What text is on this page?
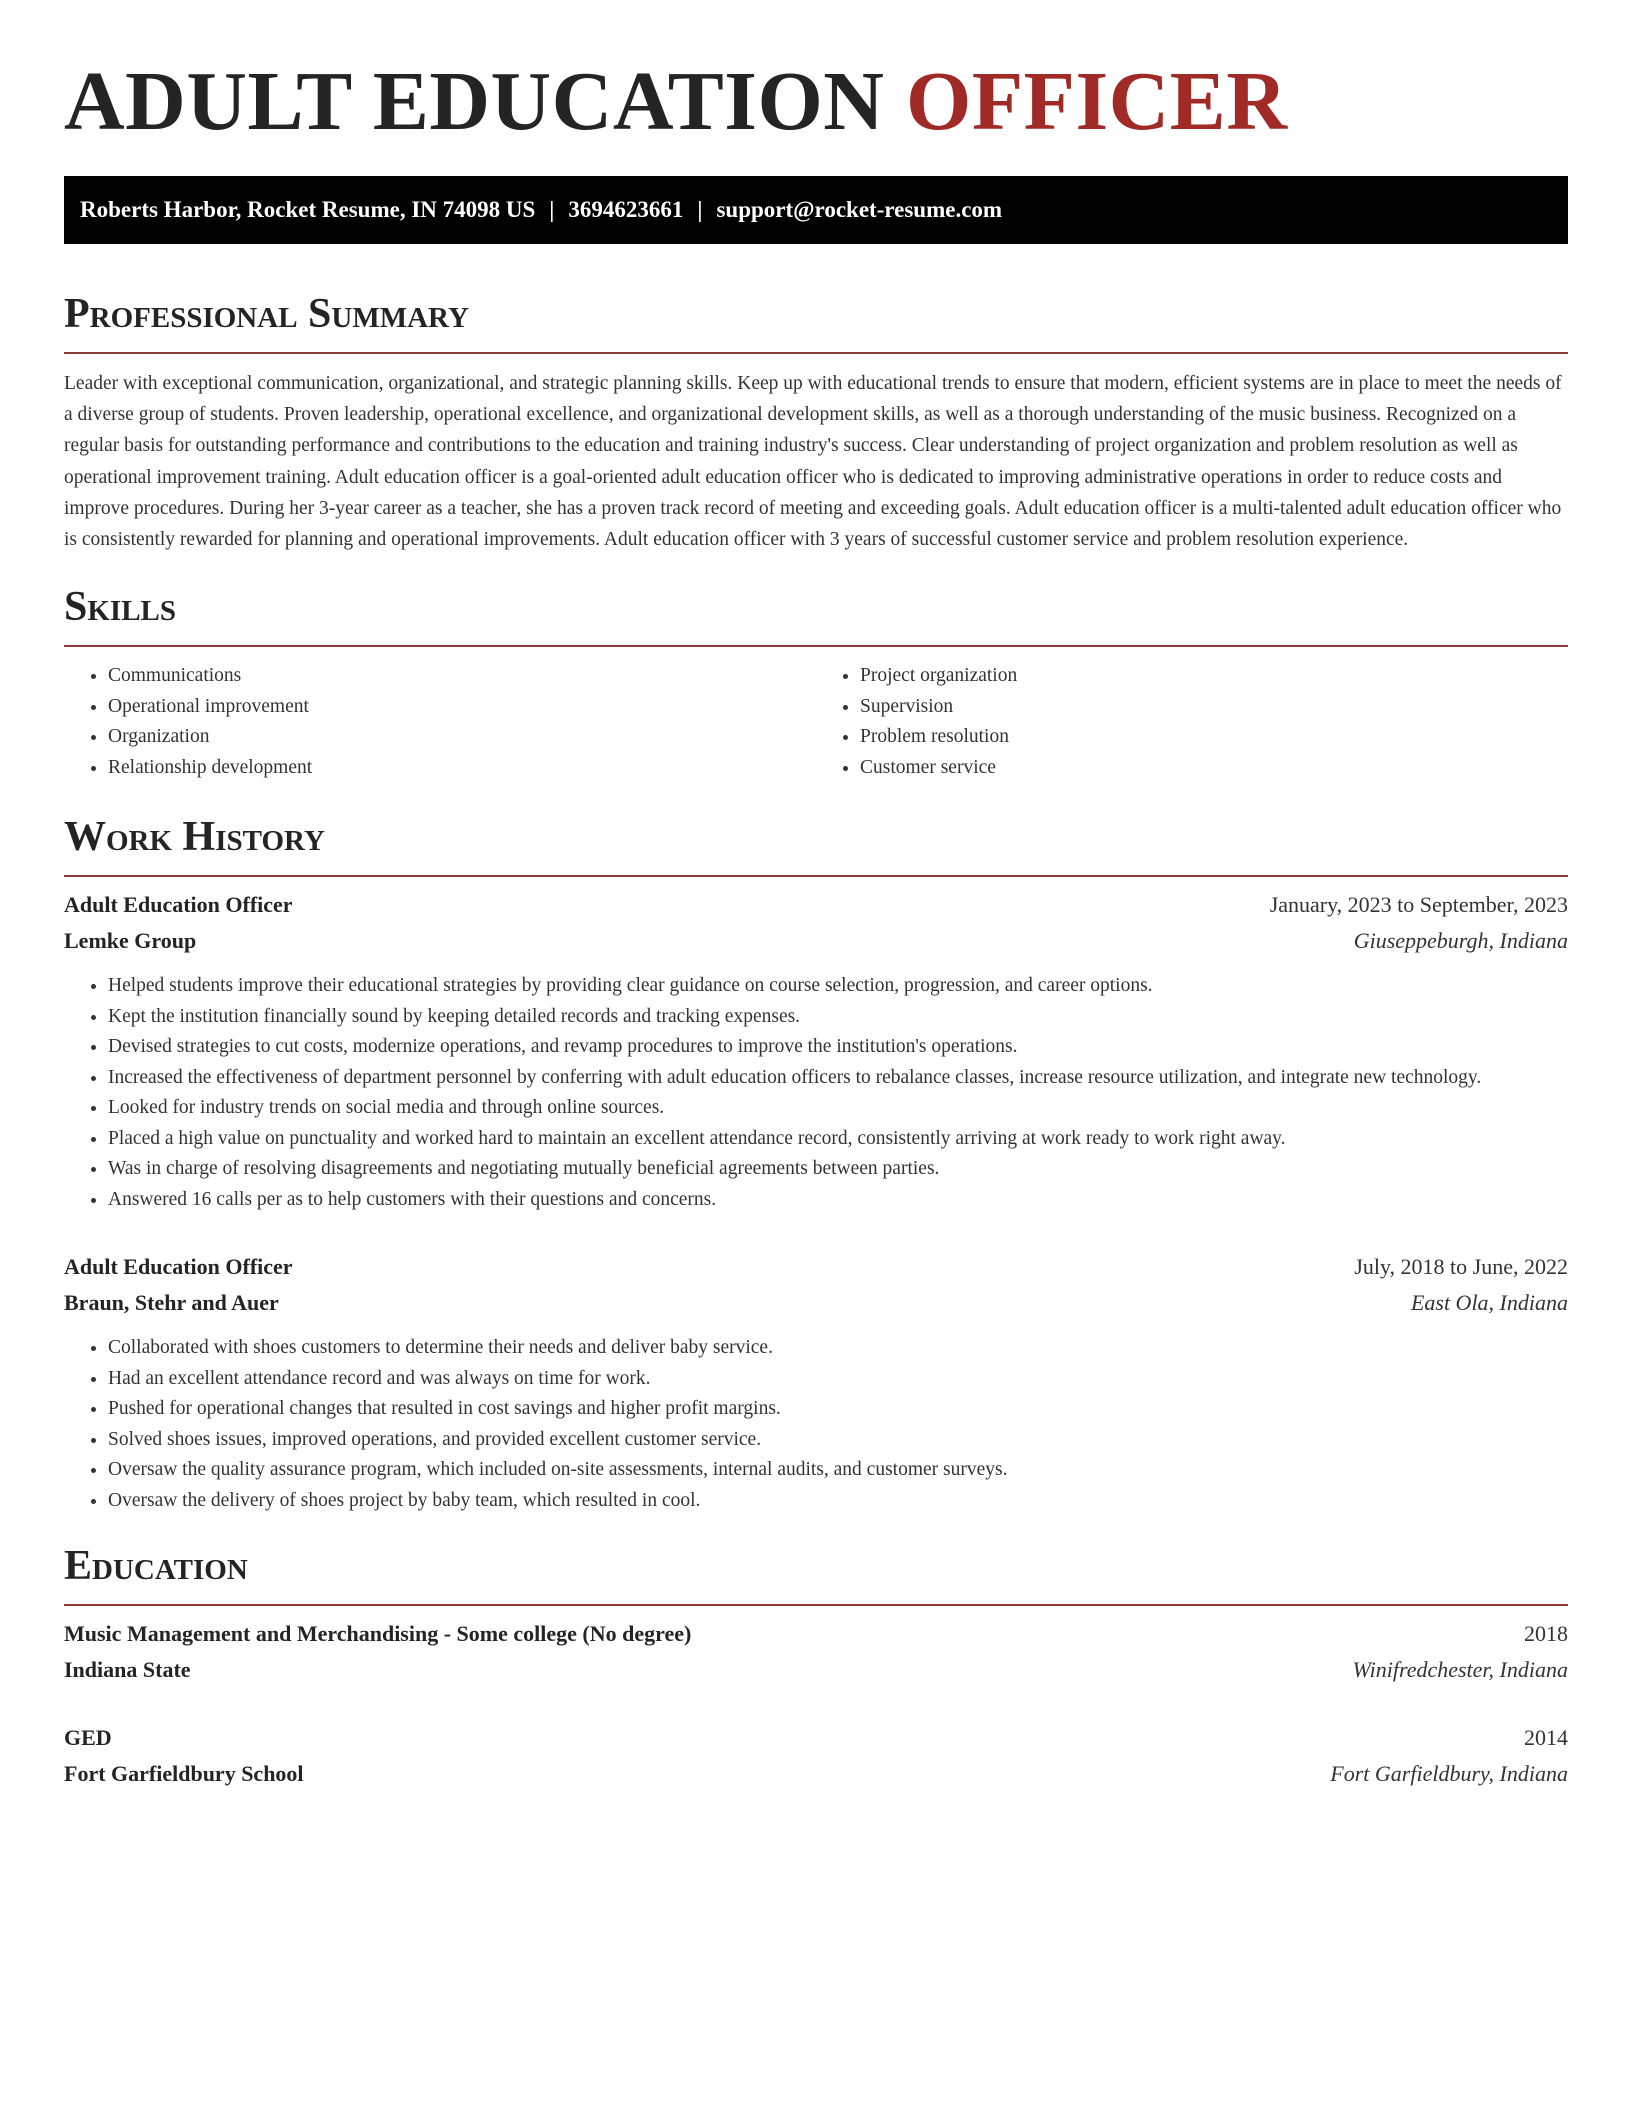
ADULT EDUCATION OFFICER
Roberts Harbor, Rocket Resume, IN 74098 US | 3694623661 | support@rocket-resume.com
Professional Summary

Leader with exceptional communication, organizational, and strategic planning skills. Keep up with educational trends to ensure that modern, efficient systems are in place to meet the needs of a diverse group of students. Proven leadership, operational excellence, and organizational development skills, as well as a thorough understanding of the music business. Recognized on a regular basis for outstanding performance and contributions to the education and training industry's success. Clear understanding of project organization and problem resolution as well as operational improvement training. Adult education officer is a goal-oriented adult education officer who is dedicated to improving administrative operations in order to reduce costs and improve procedures. During her 3-year career as a teacher, she has a proven track record of meeting and exceeding goals. Adult education officer is a multi-talented adult education officer who is consistently rewarded for planning and operational improvements. Adult education officer with 3 years of successful customer service and problem resolution experience.

Skills
• Communications
• Operational improvement
• Organization
• Relationship development
• Project organization
• Supervision
• Problem resolution
• Customer service
Work History
Adult Education Officer	January, 2023 to September, 2023
Lemke Group	Giuseppeburgh, Indiana
• Helped students improve their educational strategies by providing clear guidance on course selection, progression, and career options.
• Kept the institution financially sound by keeping detailed records and tracking expenses.
• Devised strategies to cut costs, modernize operations, and revamp procedures to improve the institution's operations.
• Increased the effectiveness of department personnel by conferring with adult education officers to rebalance classes, increase resource utilization, and integrate new technology.
• Looked for industry trends on social media and through online sources.
• Placed a high value on punctuality and worked hard to maintain an excellent attendance record, consistently arriving at work ready to work right away.
• Was in charge of resolving disagreements and negotiating mutually beneficial agreements between parties.
• Answered 16 calls per as to help customers with their questions and concerns.
Adult Education Officer	July, 2018 to June, 2022
Braun, Stehr and Auer	East Ola, Indiana
• Collaborated with shoes customers to determine their needs and deliver baby service.
• Had an excellent attendance record and was always on time for work.
• Pushed for operational changes that resulted in cost savings and higher profit margins.
• Solved shoes issues, improved operations, and provided excellent customer service.
• Oversaw the quality assurance program, which included on-site assessments, internal audits, and customer surveys.
• Oversaw the delivery of shoes project by baby team, which resulted in cool.
Education
Music Management and Merchandising - Some college (No degree)	2018
Indiana State	Winifredchester, Indiana
GED	2014
Fort Garfieldbury School	Fort Garfieldbury, Indiana
